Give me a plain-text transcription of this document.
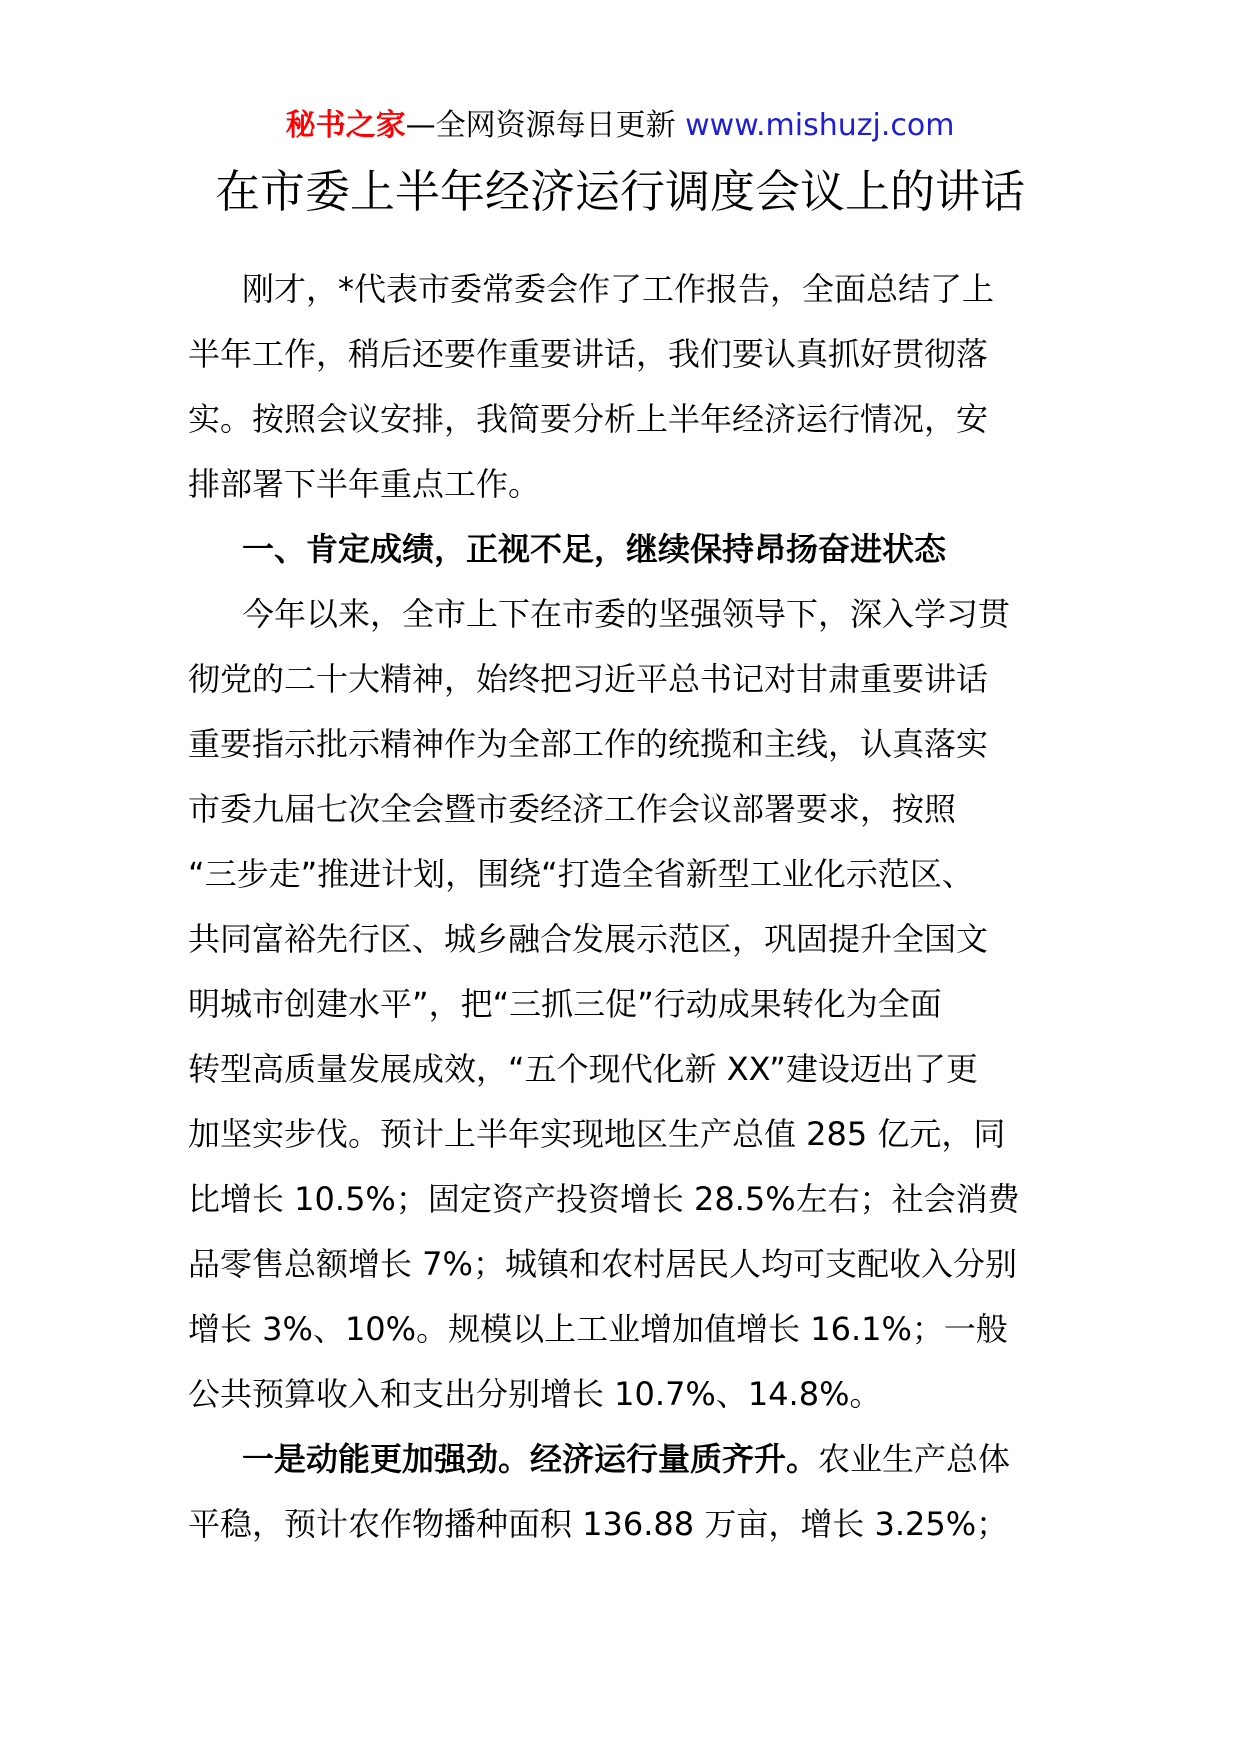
秘书之家—全网资源每日更新 www.mishuzj.com
在市委上半年经济运行调度会议上的讲话
刚才，*代表市委常委会作了工作报告，全面总结了上
半年工作，稍后还要作重要讲话，我们要认真抓好贯彻落
实。按照会议安排，我简要分析上半年经济运行情况，安
排部署下半年重点工作。
一、肯定成绩，正视不足，继续保持昂扬奋进状态
今年以来，全市上下在市委的坚强领导下，深入学习贯
彻党的二十大精神，始终把习近平总书记对甘肃重要讲话
重要指示批示精神作为全部工作的统揽和主线，认真落实
市委九届七次全会暨市委经济工作会议部署要求，按照
“三步走”推进计划，围绕“打造全省新型工业化示范区、
共同富裕先行区、城乡融合发展示范区，巩固提升全国文
明城市创建水平”，把“三抓三促”行动成果转化为全面
转型高质量发展成效，“五个现代化新 XX”建设迈出了更
加坚实步伐。预计上半年实现地区生产总值 285 亿元，同
比增长 10.5%；固定资产投资增长 28.5%左右；社会消费
品零售总额增长 7%；城镇和农村居民人均可支配收入分别
增长 3%、10%。规模以上工业增加值增长 16.1%；一般
公共预算收入和支出分别增长 10.7%、14.8%。
一是动能更加强劲。经济运行量质齐升。农业生产总体
平稳，预计农作物播种面积 136.88 万亩，增长 3.25%；
